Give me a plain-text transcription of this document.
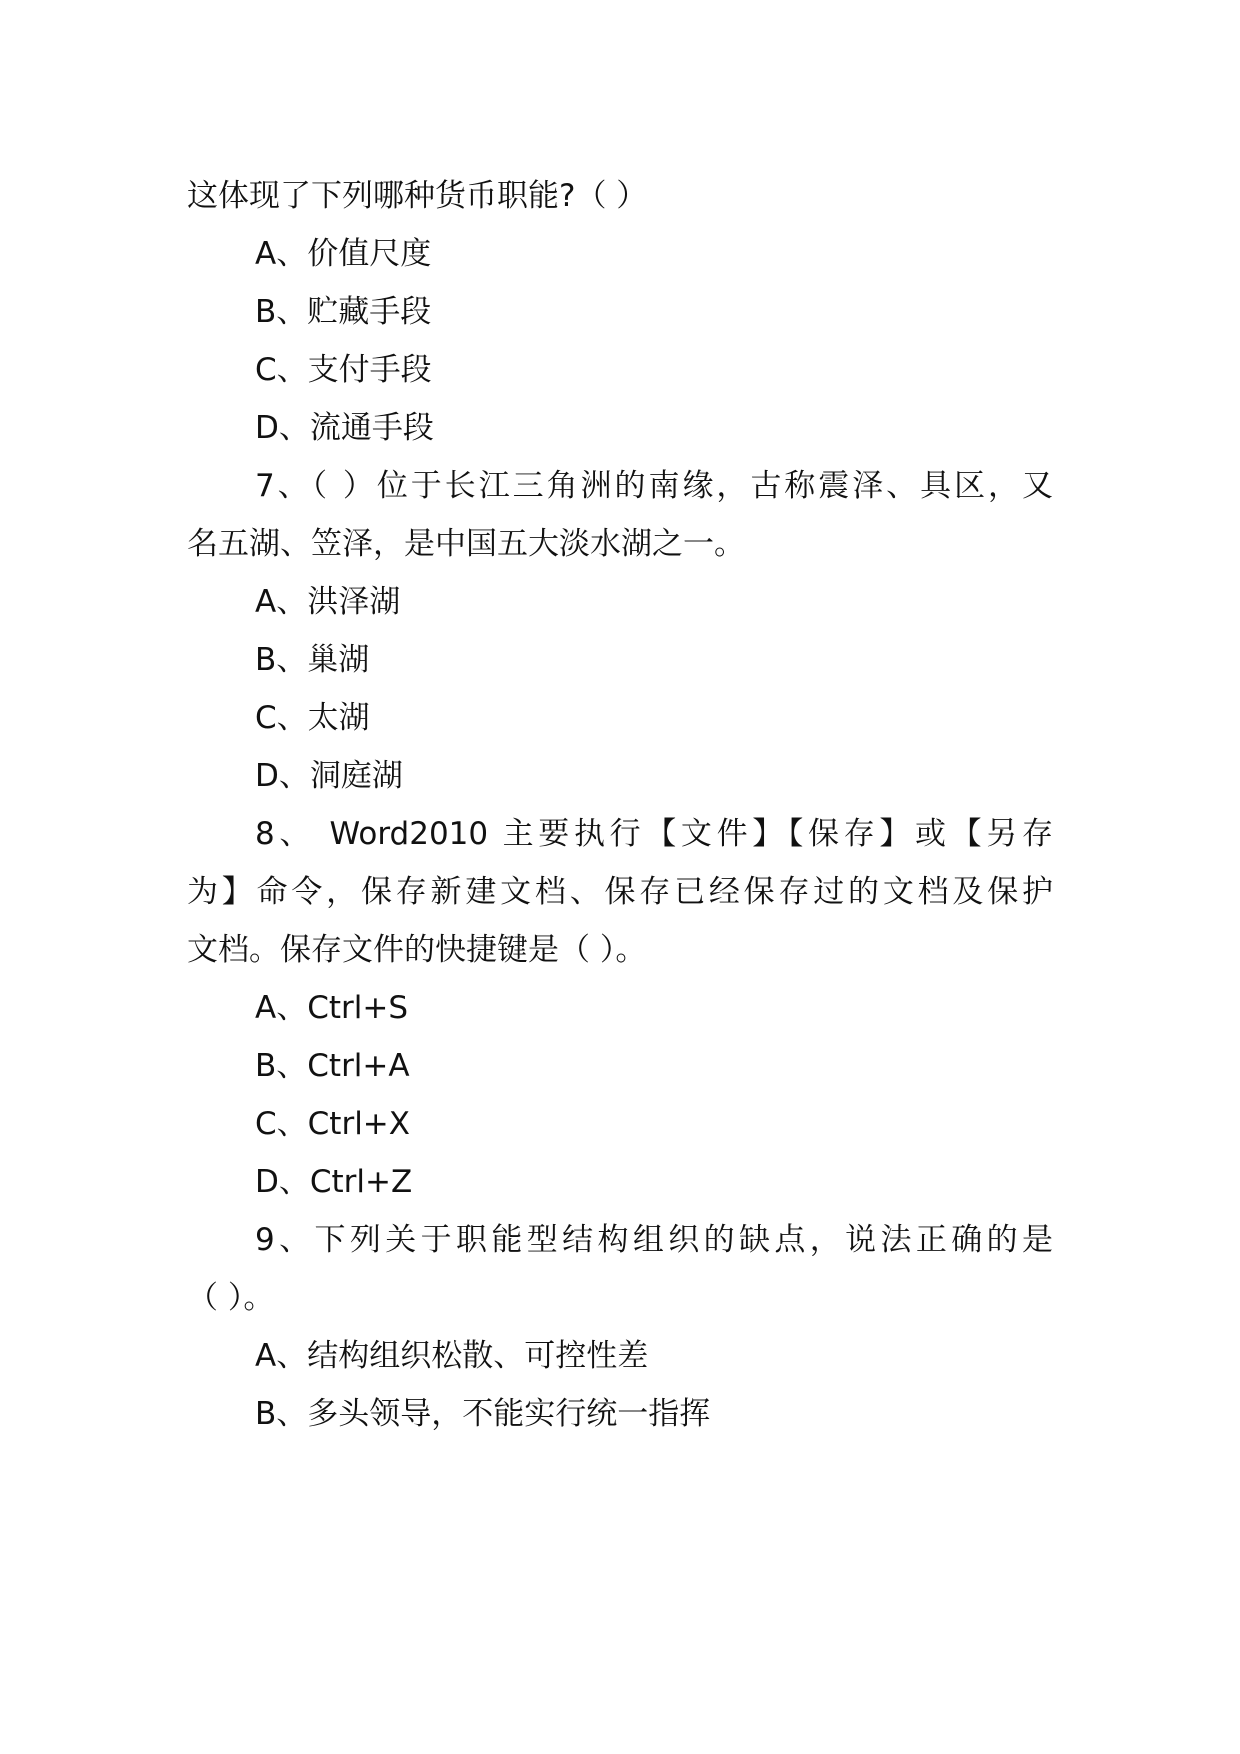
这体现了下列哪种货币职能?（ ）
A、价值尺度
B、贮藏手段
C、支付手段
D、流通手段
7、（ ）位于长江三角洲的南缘，古称震泽、具区，又
名五湖、笠泽，是中国五大淡水湖之一。
A、洪泽湖
B、巢湖
C、太湖
D、洞庭湖
8、 Word2010 主要执行【文件】【保存】或【另存
为】命令，保存新建文档、保存已经保存过的文档及保护
文档。保存文件的快捷键是（ ）。
A、Ctrl+S
B、Ctrl+A
C、Ctrl+X
D、Ctrl+Z
9、下列关于职能型结构组织的缺点，说法正确的是
（ ）。
A、结构组织松散、可控性差
B、多头领导，不能实行统一指挥
